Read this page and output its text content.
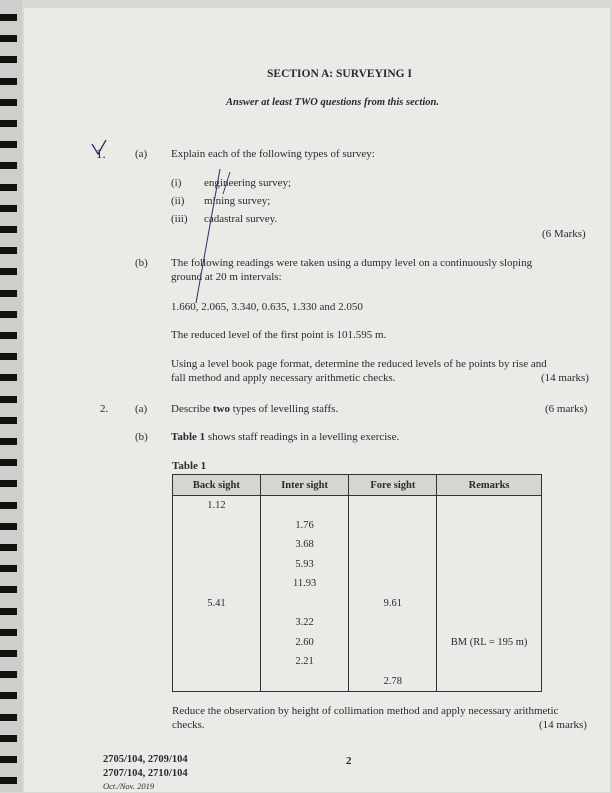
SECTION A: SURVEYING I
Answer at least TWO questions from this section.
1.	(a) Explain each of the following types of survey:
(i) engineering survey;
(ii) mining survey;
(iii) cadastral survey.
(6 Marks)
(b) The following readings were taken using a dumpy level on a continuously sloping
ground at 20 m intervals:
1.660, 2.065, 3.340, 0.635, 1.330 and 2.050
The reduced level of the first point is 101.595 m.
Using a level book page format, determine the reduced levels of he points by rise and
fall method and apply necessary arithmetic checks.	(14 marks)
2. (a) Describe two types of levelling staffs.	(6 marks)
(b) Table 1 shows staff readings in a levelling exercise.
Table 1
Reduce the observation by height of collimation method and apply necessary arithmetic
checks.	(14 marks)
2705/104, 2709/104
2707/104, 2710/104
Oct./Nov. 2019
2
Back sight	Inter sight	Fore sight	Remarks
1.12			
	1.76		
	3.68		
	5.93		
	11.93		
5.41		9.61	
	3.22		
	2.60		BM (RL = 195 m)
	2.21		
		2.78	
